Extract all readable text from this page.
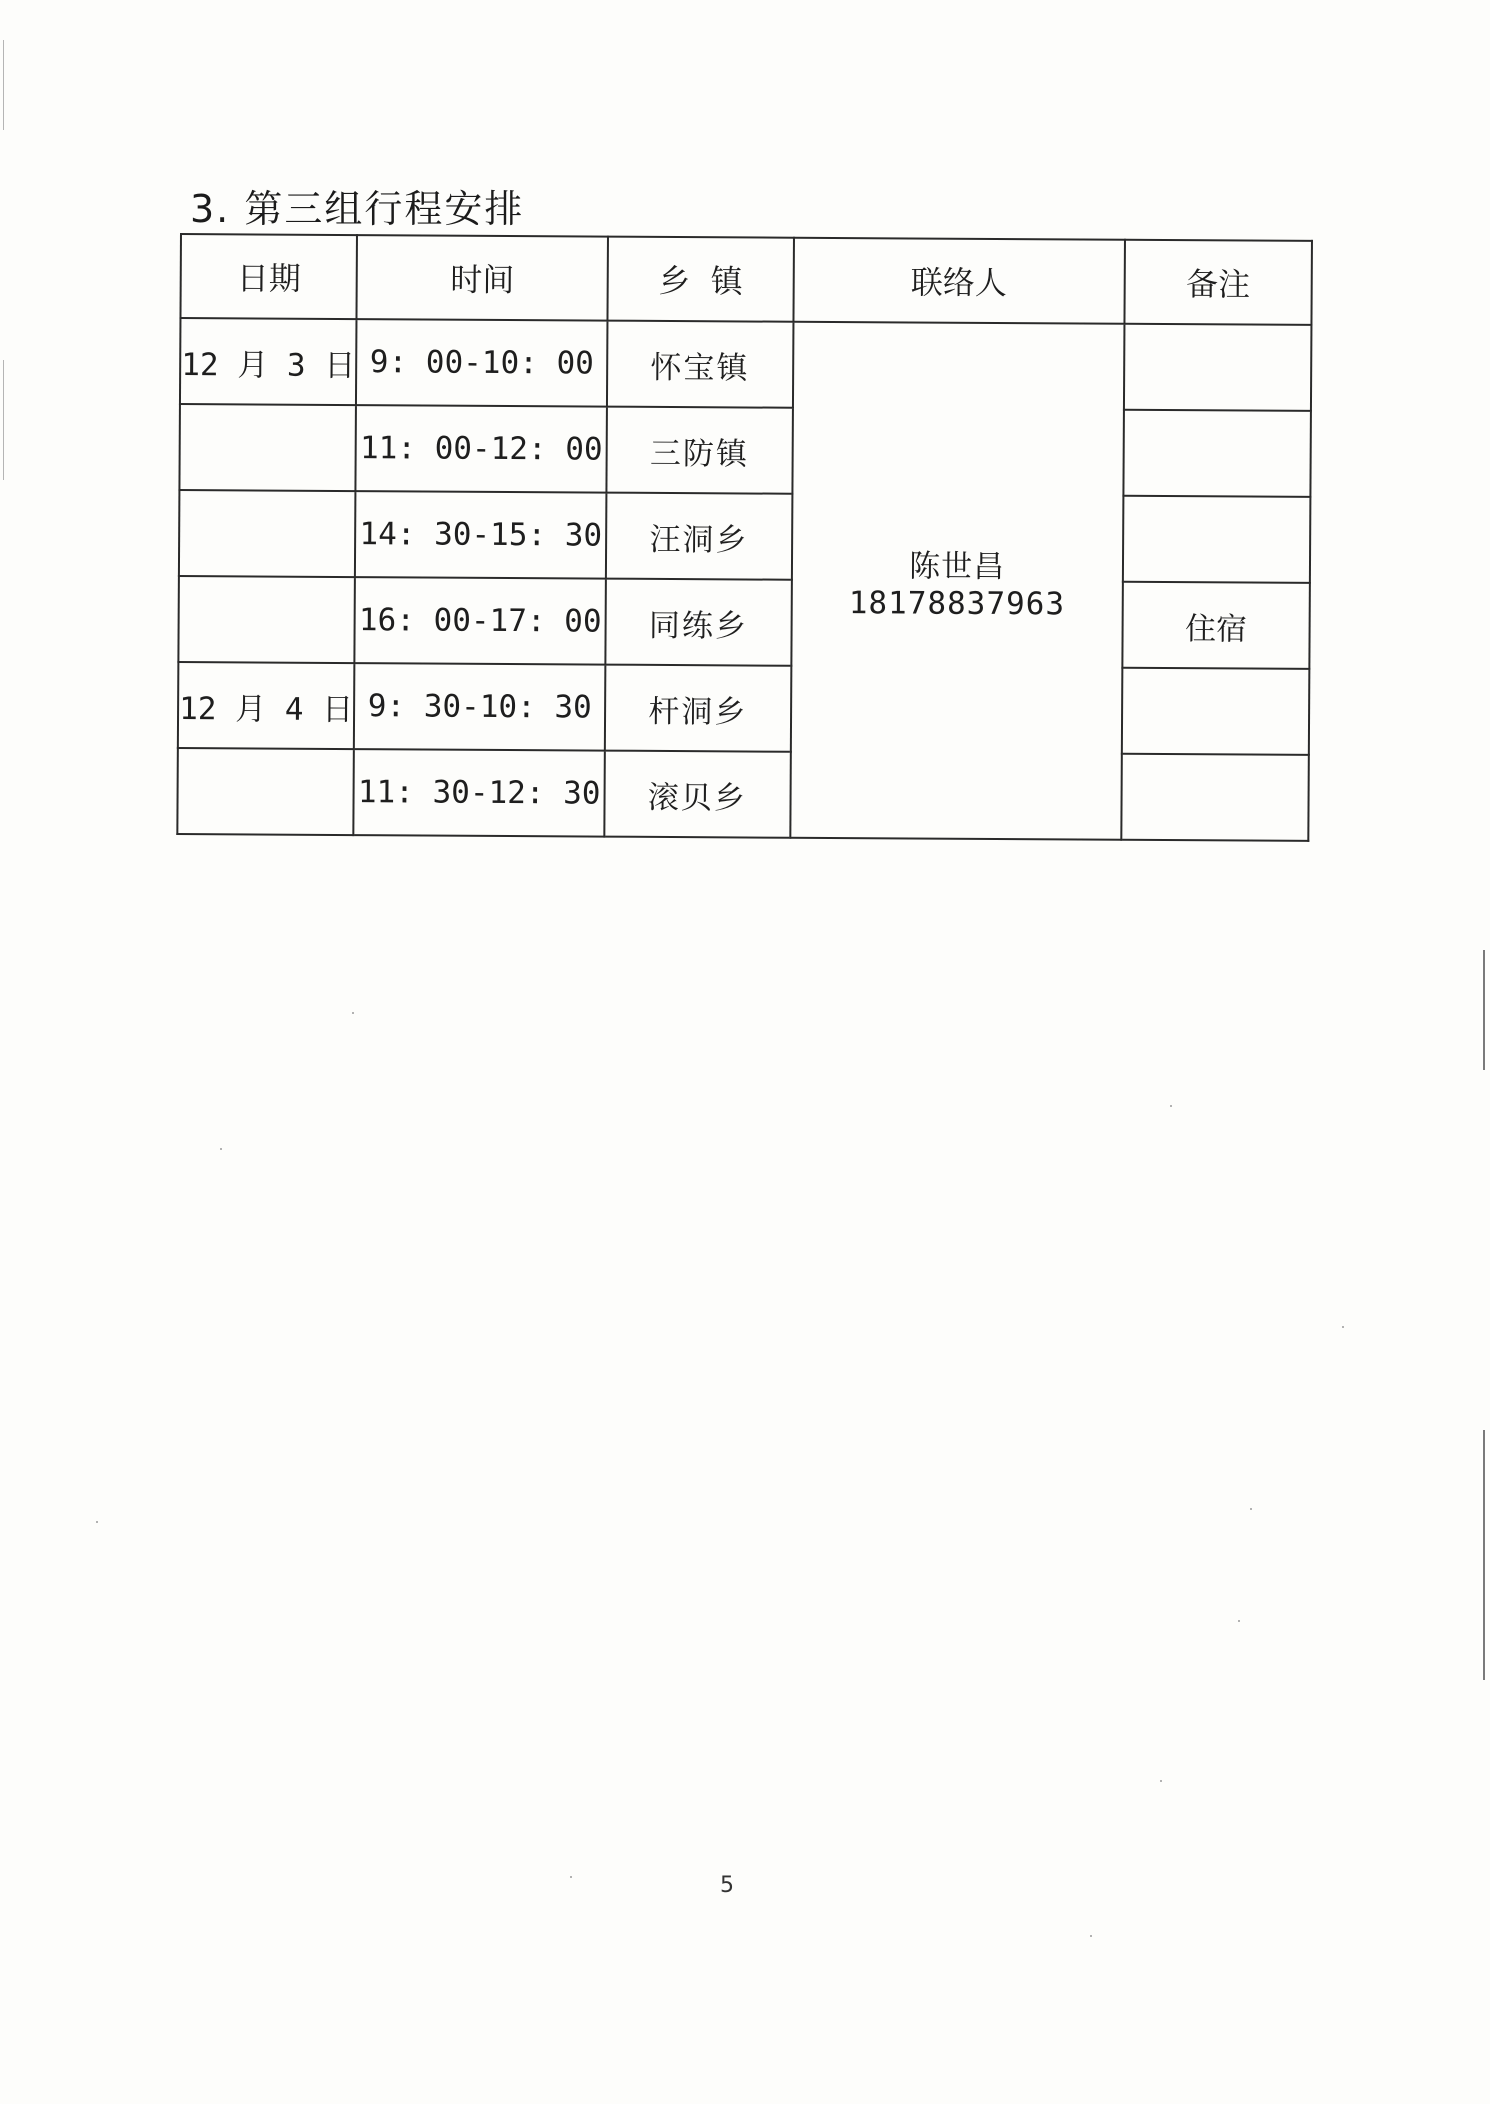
3. 第三组行程安排
日期	时间	乡  镇	联络人	备注
12 月 3 日	9: 00-10: 00	怀宝镇	陈世昌 18178837963	
	11: 00-12: 00	三防镇		
	14: 30-15: 30	汪洞乡		
	16: 00-17: 00	同练乡		住宿
12 月 4 日	9: 30-10: 30	杆洞乡		
	11: 30-12: 30	滚贝乡		
5
